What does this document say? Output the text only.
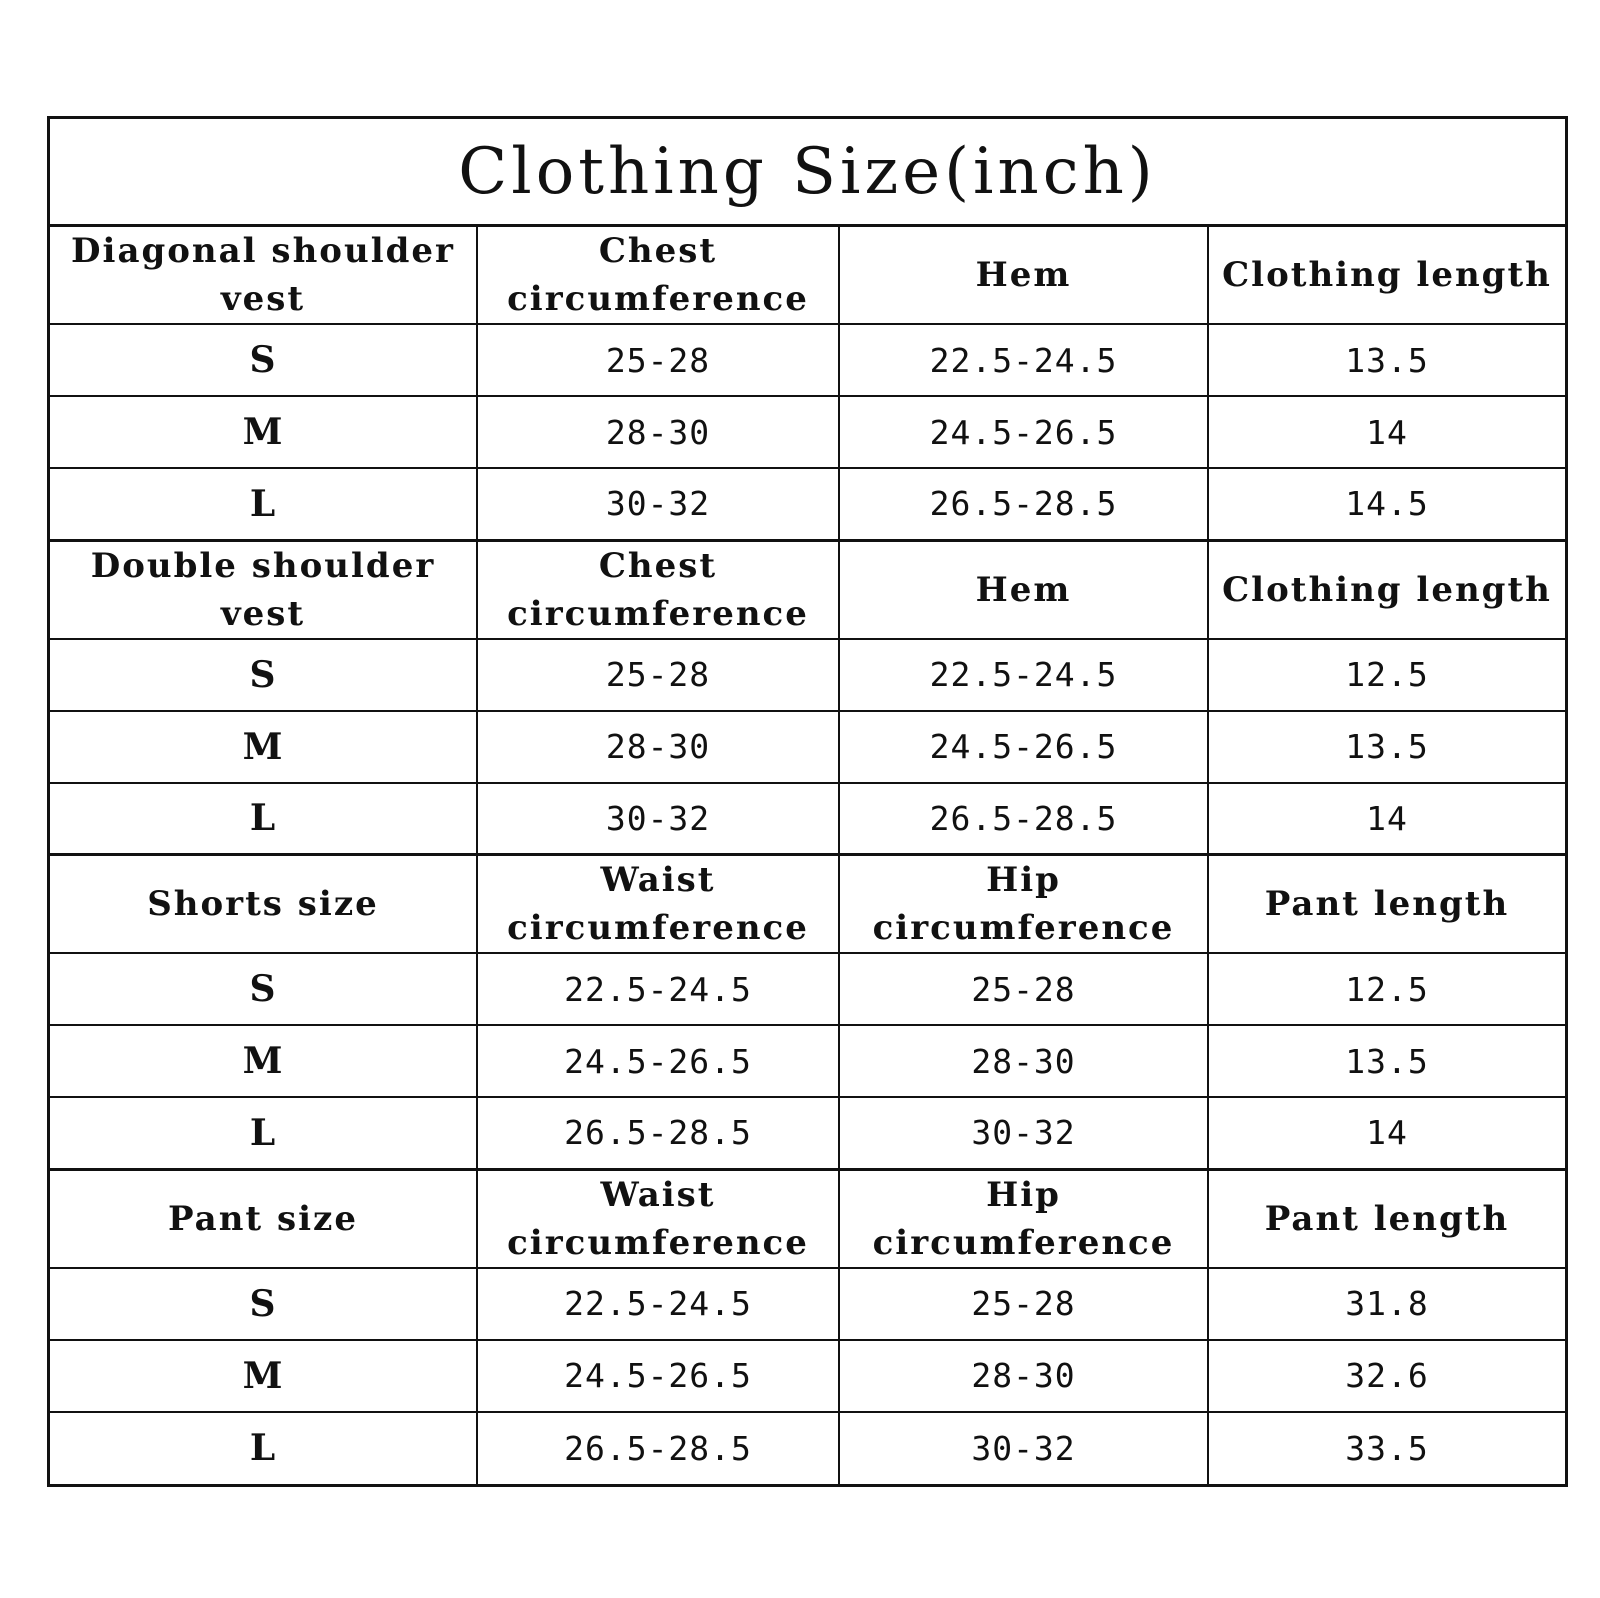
Clothing Size(inch)
Diagonal shoulder vest	Chest circumference	Hem	Clothing length
S	25-28	22.5-24.5	13.5
M	28-30	24.5-26.5	14
L	30-32	26.5-28.5	14.5
Double shoulder vest	Chest circumference	Hem	Clothing length
S	25-28	22.5-24.5	12.5
M	28-30	24.5-26.5	13.5
L	30-32	26.5-28.5	14
Shorts size	Waist circumference	Hip circumference	Pant length
S	22.5-24.5	25-28	12.5
M	24.5-26.5	28-30	13.5
L	26.5-28.5	30-32	14
Pant size	Waist circumference	Hip circumference	Pant length
S	22.5-24.5	25-28	31.8
M	24.5-26.5	28-30	32.6
L	26.5-28.5	30-32	33.5
